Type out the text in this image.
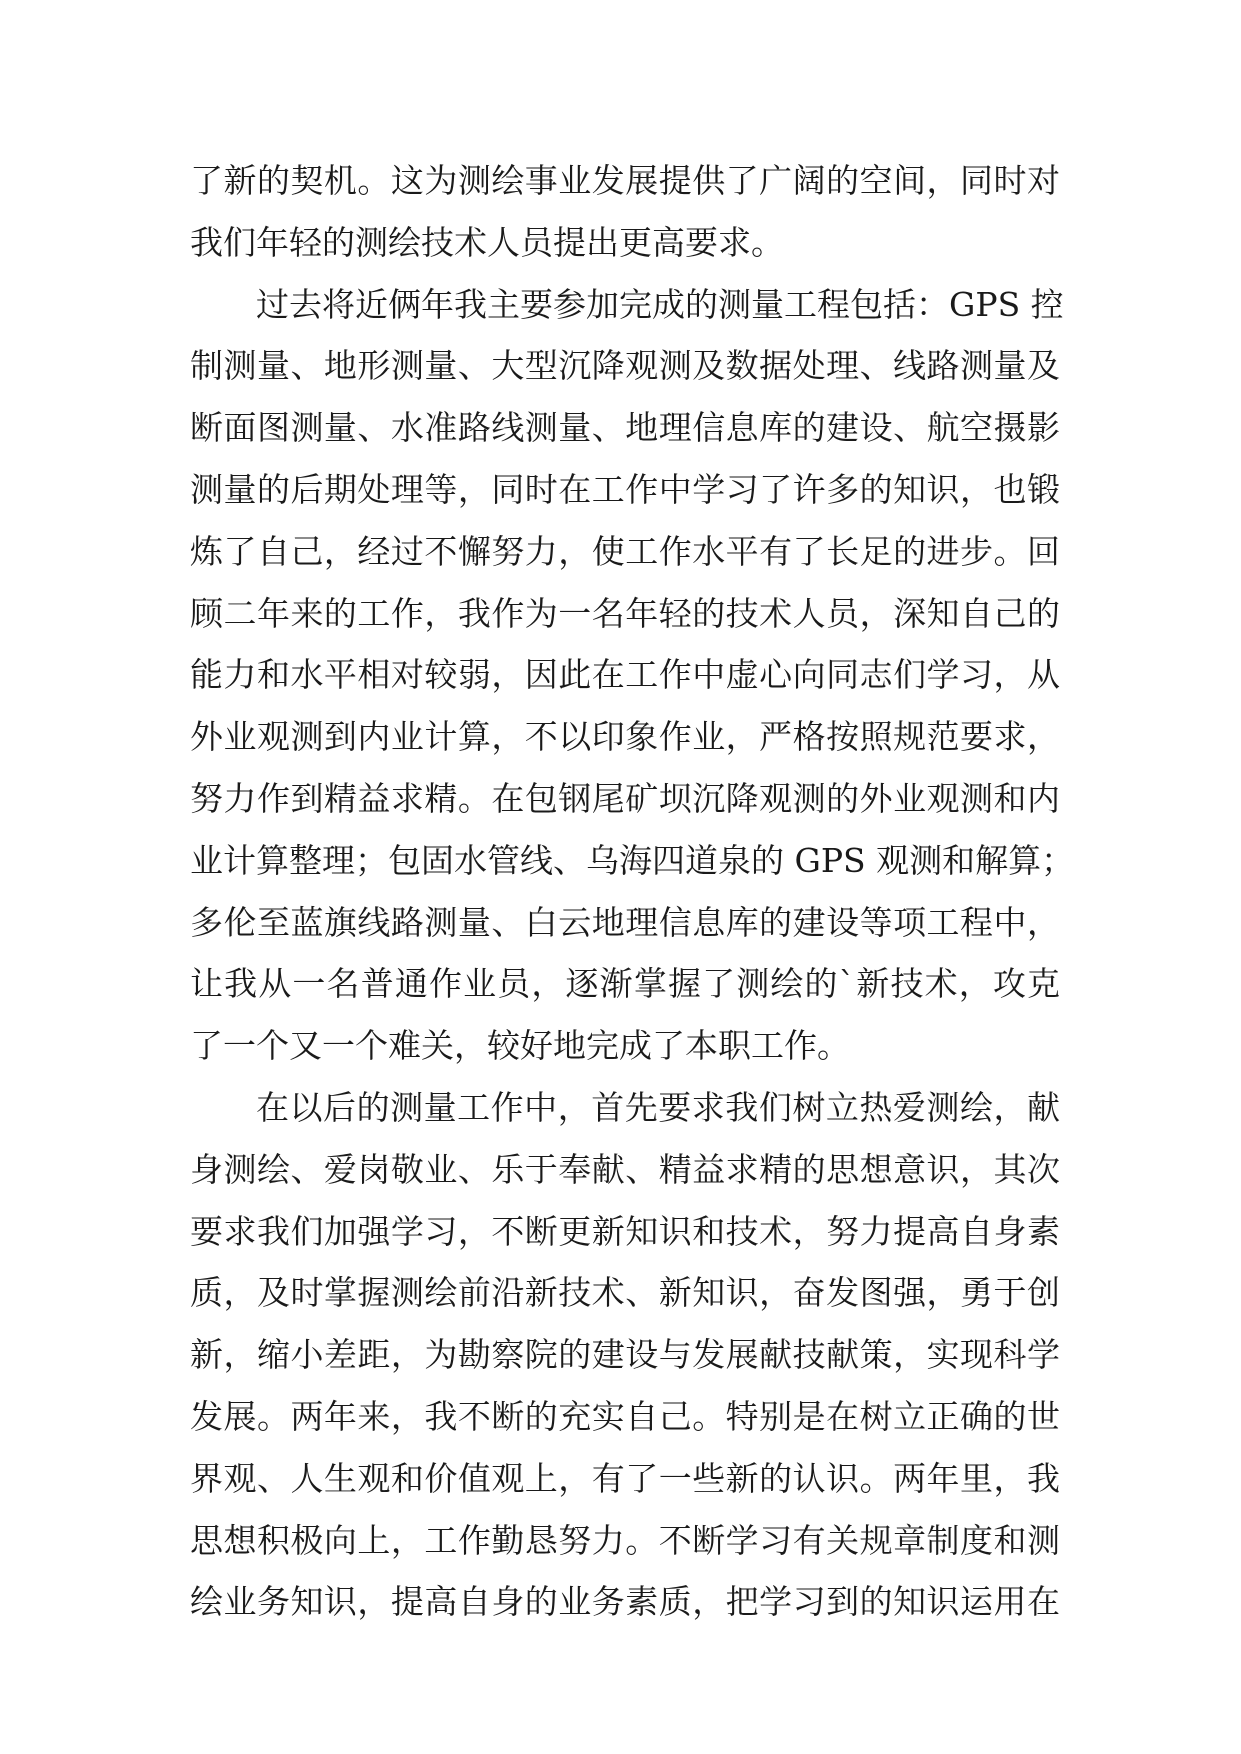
了新的契机。这为测绘事业发展提供了广阔的空间，同时对
我们年轻的测绘技术人员提出更高要求。
过去将近俩年我主要参加完成的测量工程包括：GPS 控
制测量、地形测量、大型沉降观测及数据处理、线路测量及
断面图测量、水准路线测量、地理信息库的建设、航空摄影
测量的后期处理等，同时在工作中学习了许多的知识，也锻
炼了自己，经过不懈努力，使工作水平有了长足的进步。回
顾二年来的工作，我作为一名年轻的技术人员，深知自己的
能力和水平相对较弱，因此在工作中虚心向同志们学习，从
外业观测到内业计算，不以印象作业，严格按照规范要求，
努力作到精益求精。在包钢尾矿坝沉降观测的外业观测和内
业计算整理；包固水管线、乌海四道泉的 GPS 观测和解算；
多伦至蓝旗线路测量、白云地理信息库的建设等项工程中，
让我从一名普通作业员，逐渐掌握了测绘的`新技术，攻克
了一个又一个难关，较好地完成了本职工作。
在以后的测量工作中，首先要求我们树立热爱测绘，献
身测绘、爱岗敬业、乐于奉献、精益求精的思想意识，其次
要求我们加强学习，不断更新知识和技术，努力提高自身素
质，及时掌握测绘前沿新技术、新知识，奋发图强，勇于创
新，缩小差距，为勘察院的建设与发展献技献策，实现科学
发展。两年来，我不断的充实自己。特别是在树立正确的世
界观、人生观和价值观上，有了一些新的认识。两年里，我
思想积极向上，工作勤恳努力。不断学习有关规章制度和测
绘业务知识，提高自身的业务素质，把学习到的知识运用在
